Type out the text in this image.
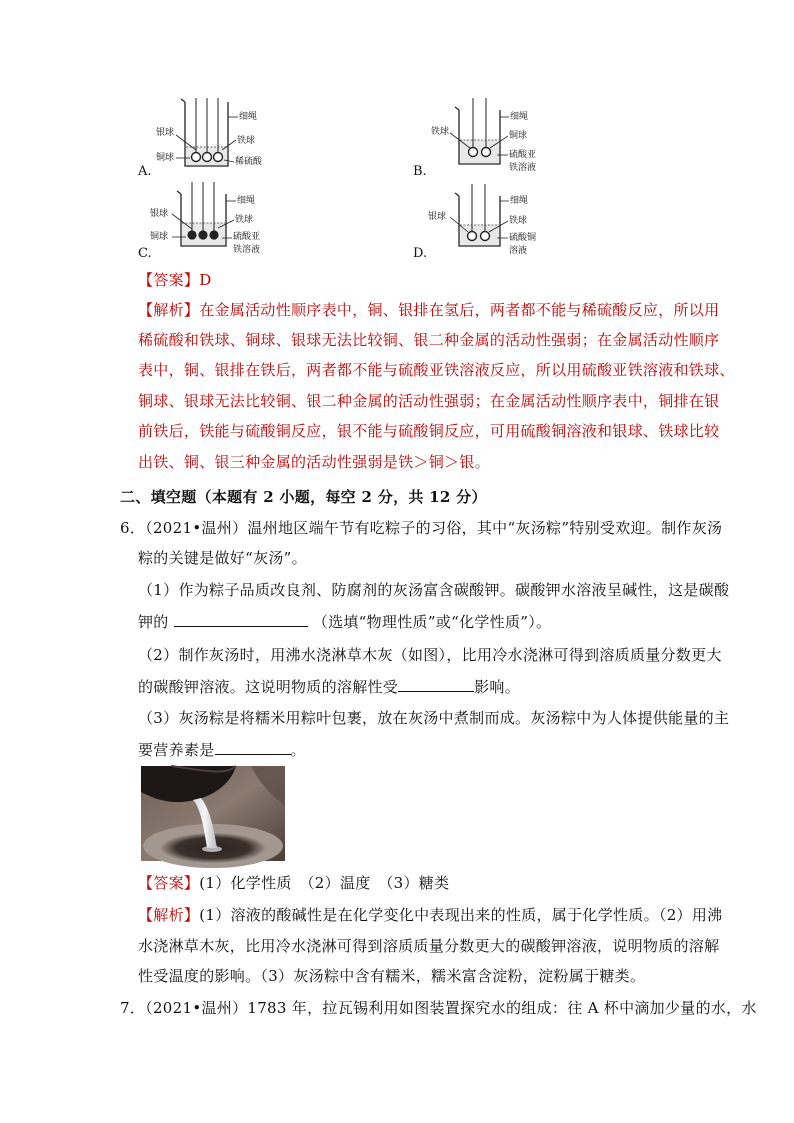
细绳
银球
铁球
铜球	稀硫酸
A.
细绳
铁球	铜球
硫酸亚
铁溶液
B.
细绳
银球
铁球
铜球	硫酸亚
铁溶液
C.
细绳
银球	铁球
硫酸铜
溶液
D.
【答案】D
【解析】在金属活动性顺序表中，铜、银排在氢后，两者都不能与稀硫酸反应，所以用
稀硫酸和铁球、铜球、银球无法比较铜、银二种金属的活动性强弱；在金属活动性顺序
表中，铜、银排在铁后，两者都不能与硫酸亚铁溶液反应，所以用硫酸亚铁溶液和铁球、
铜球、银球无法比较铜、银二种金属的活动性强弱；在金属活动性顺序表中，铜排在银
前铁后，铁能与硫酸铜反应，银不能与硫酸铜反应，可用硫酸铜溶液和银球、铁球比较
出铁、铜、银三种金属的活动性强弱是铁＞铜＞银。
二、填空题（本题有 2 小题，每空 2 分，共 12 分）
6．（2021•温州）温州地区端午节有吃粽子的习俗，其中“灰汤粽”特别受欢迎。制作灰汤
粽的关键是做好“灰汤”。
（1）作为粽子品质改良剂、防腐剂的灰汤富含碳酸钾。碳酸钾水溶液呈碱性，这是碳酸
钾的	（选填“物理性质”或“化学性质”）。
（2）制作灰汤时，用沸水浇淋草木灰（如图），比用冷水浇淋可得到溶质质量分数更大
的碳酸钾溶液。这说明物质的溶解性受	影响。
（3）灰汤粽是将糯米用粽叶包裹，放在灰汤中煮制而成。灰汤粽中为人体提供能量的主
要营养素是	。
【答案】(1）化学性质　（2）温度　（3）糖类
【解析】(1）溶液的酸碱性是在化学变化中表现出来的性质，属于化学性质。（2）用沸
水浇淋草木灰，比用冷水浇淋可得到溶质质量分数更大的碳酸钾溶液，说明物质的溶解
性受温度的影响。（3）灰汤粽中含有糯米，糯米富含淀粉，淀粉属于糖类。
7．（2021•温州）1783 年，拉瓦锡利用如图装置探究水的组成：往 A 杯中滴加少量的水，水
